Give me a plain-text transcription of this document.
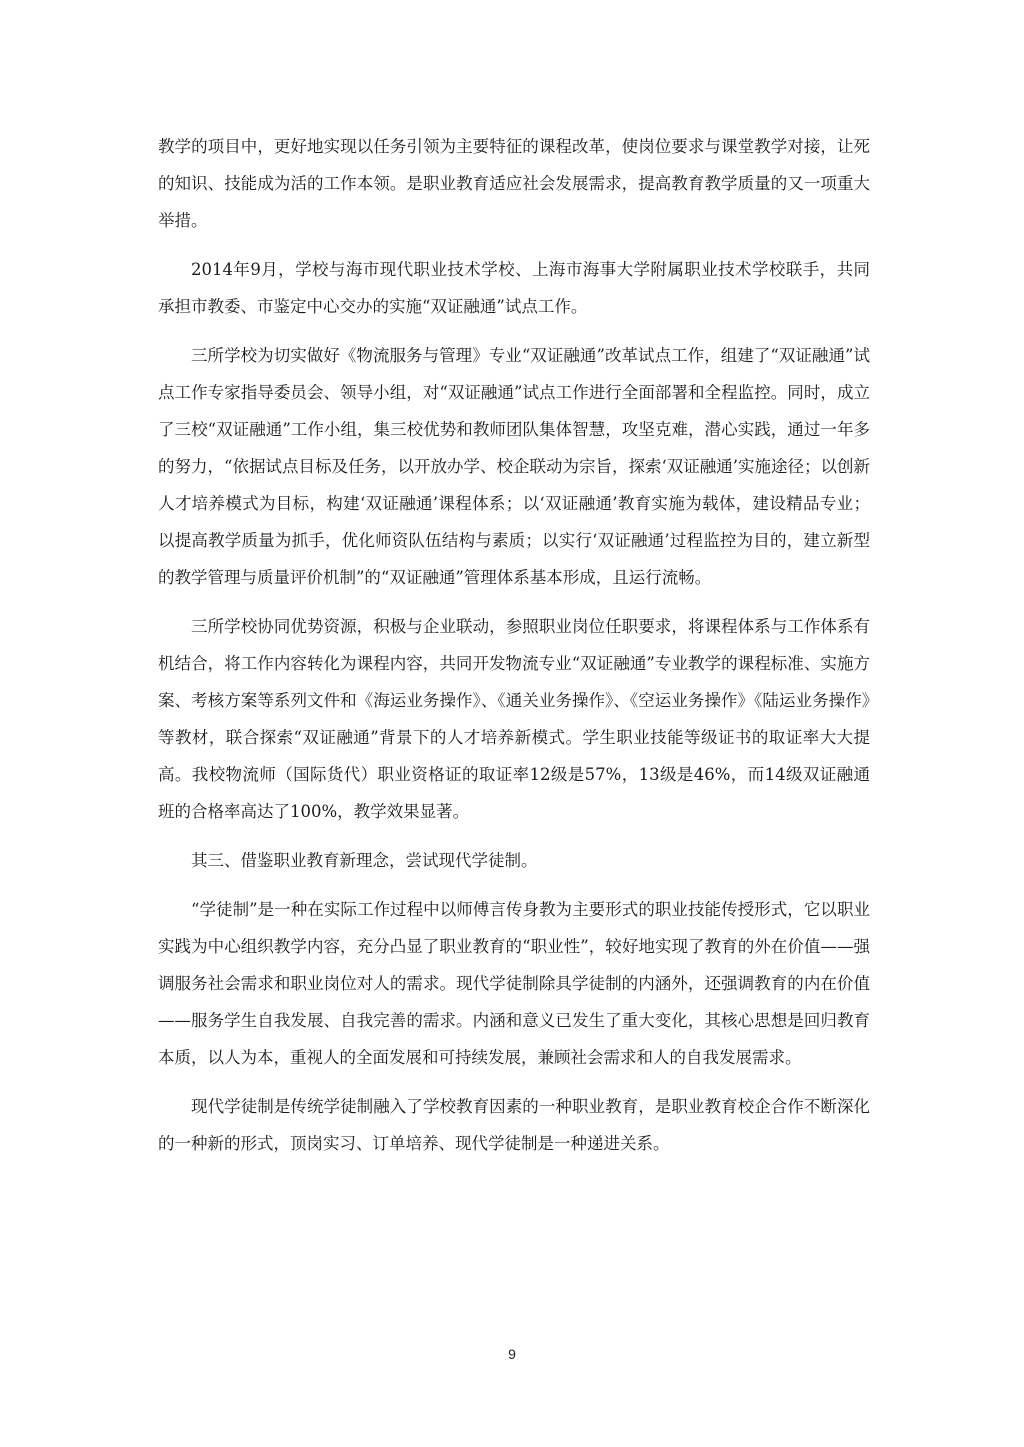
教学的项目中，更好地实现以任务引领为主要特征的课程改革，使岗位要求与课堂教学对接，让死的知识、技能成为活的工作本领。是职业教育适应社会发展需求，提高教育教学质量的又一项重大举措。

2014年9月，学校与海市现代职业技术学校、上海市海事大学附属职业技术学校联手，共同承担市教委、市鉴定中心交办的实施“双证融通”试点工作。

三所学校为切实做好《物流服务与管理》专业“双证融通”改革试点工作，组建了“双证融通”试点工作专家指导委员会、领导小组，对“双证融通”试点工作进行全面部署和全程监控。同时，成立了三校“双证融通”工作小组，集三校优势和教师团队集体智慧，攻坚克难，潜心实践，通过一年多的努力，“依据试点目标及任务，以开放办学、校企联动为宗旨，探索‘双证融通’实施途径；以创新人才培养模式为目标，构建‘双证融通’课程体系；以‘双证融通’教育实施为载体，建设精品专业；以提高教学质量为抓手，优化师资队伍结构与素质；以实行‘双证融通’过程监控为目的，建立新型的教学管理与质量评价机制”的“双证融通”管理体系基本形成，且运行流畅。

三所学校协同优势资源，积极与企业联动，参照职业岗位任职要求，将课程体系与工作体系有机结合，将工作内容转化为课程内容，共同开发物流专业“双证融通”专业教学的课程标准、实施方案、考核方案等系列文件和《海运业务操作》、《通关业务操作》、《空运业务操作》《陆运业务操作》等教材，联合探索“双证融通”背景下的人才培养新模式。学生职业技能等级证书的取证率大大提高。我校物流师（国际货代）职业资格证的取证率12级是57%，13级是46%，而14级双证融通班的合格率高达了100%，教学效果显著。

其三、借鉴职业教育新理念，尝试现代学徒制。

“学徒制”是一种在实际工作过程中以师傅言传身教为主要形式的职业技能传授形式，它以职业实践为中心组织教学内容，充分凸显了职业教育的“职业性”，较好地实现了教育的外在价值——强调服务社会需求和职业岗位对人的需求。现代学徒制除具学徒制的内涵外，还强调教育的内在价值——服务学生自我发展、自我完善的需求。内涵和意义已发生了重大变化，其核心思想是回归教育本质，以人为本，重视人的全面发展和可持续发展，兼顾社会需求和人的自我发展需求。

现代学徒制是传统学徒制融入了学校教育因素的一种职业教育，是职业教育校企合作不断深化的一种新的形式，顶岗实习、订单培养、现代学徒制是一种递进关系。

9
